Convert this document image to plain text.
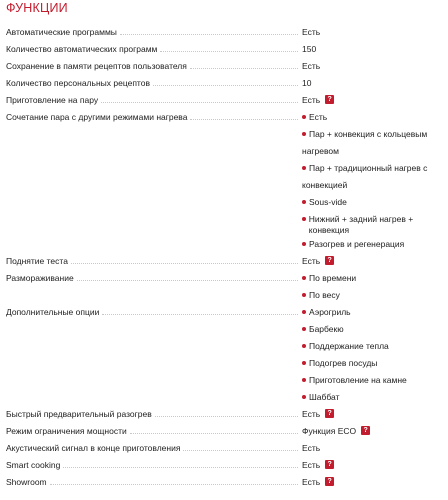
ФУНКЦИИ
Автоматические программы	Есть
Количество автоматических программ	150
Сохранение в памяти рецептов пользователя	Есть
Количество персональных рецептов	10
Приготовление на пару	Есть	?
Сочетание пара с другими режимами нагрева	Есть
Пар + конвекция с кольцевым нагревом
Пар + традиционный нагрев с конвекцией
Sous-vide
Нижний + задний нагрев + конвекция
Разогрев и регенерация
Поднятие теста	Есть	?
Размораживание	По времени
По весу
Дополнительные опции	Аэрогриль
Барбекю
Поддержание тепла
Подогрев посуды
Приготовление на камне
Шаббат
Быстрый предварительный разогрев	Есть	?
Режим ограничения мощности	Функция ECO	?
Акустический сигнал в конце приготовления	Есть
Smart cooking	Есть	?
Showroom	Есть	?
